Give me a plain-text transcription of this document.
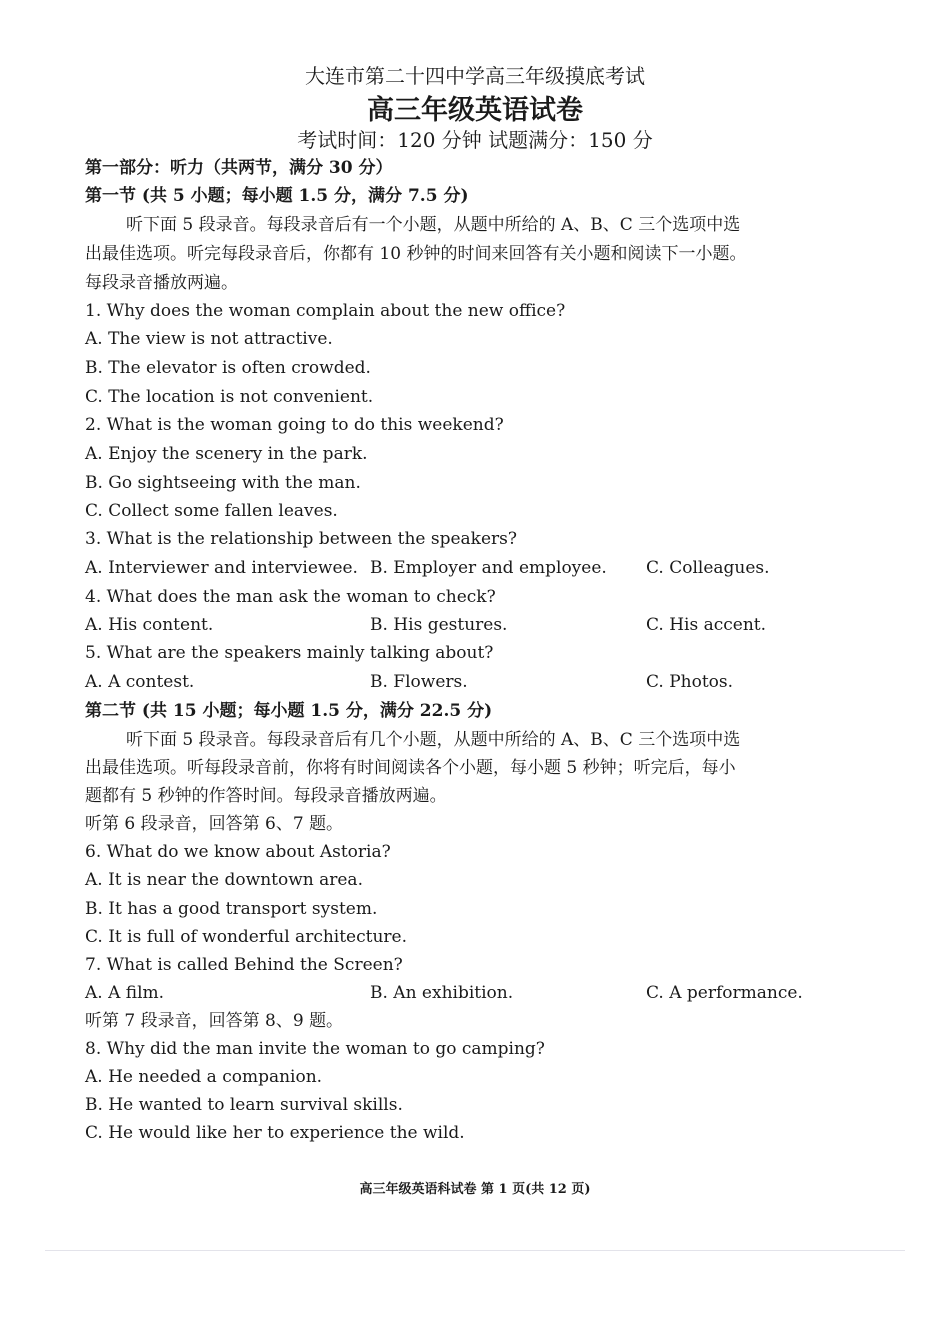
大连市第二十四中学高三年级摸底考试
高三年级英语试卷
考试时间：120 分钟 试题满分：150 分
第一部分：听力（共两节，满分 30 分）
第一节 (共 5 小题；每小题 1.5 分，满分 7.5 分)
听下面 5 段录音。每段录音后有一个小题，从题中所给的 A、B、C 三个选项中选
出最佳选项。听完每段录音后，你都有 10 秒钟的时间来回答有关小题和阅读下一小题。
每段录音播放两遍。
1. Why does the woman complain about the new office?
A. The view is not attractive.
B. The elevator is often crowded.
C. The location is not convenient.
2. What is the woman going to do this weekend?
A. Enjoy the scenery in the park.
B. Go sightseeing with the man.
C. Collect some fallen leaves.
3. What is the relationship between the speakers?
A. Interviewer and interviewee. B. Employer and employee. C. Colleagues.
4. What does the man ask the woman to check?
A. His content.	B. His gestures.	C. His accent.
5. What are the speakers mainly talking about?
A. A contest.	B. Flowers.	C. Photos.
第二节 (共 15 小题；每小题 1.5 分，满分 22.5 分)
听下面 5 段录音。每段录音后有几个小题，从题中所给的 A、B、C 三个选项中选
出最佳选项。听每段录音前，你将有时间阅读各个小题，每小题 5 秒钟；听完后，每小
题都有 5 秒钟的作答时间。每段录音播放两遍。
听第 6 段录音，回答第 6、7 题。
6. What do we know about Astoria?
A. It is near the downtown area.
B. It has a good transport system.
C. It is full of wonderful architecture.
7. What is called Behind the Screen?
A. A film.	B. An exhibition.	C. A performance.
听第 7 段录音，回答第 8、9 题。
8. Why did the man invite the woman to go camping?
A. He needed a companion.
B. He wanted to learn survival skills.
C. He would like her to experience the wild.
高三年级英语科试卷 第 1 页(共 12 页)
